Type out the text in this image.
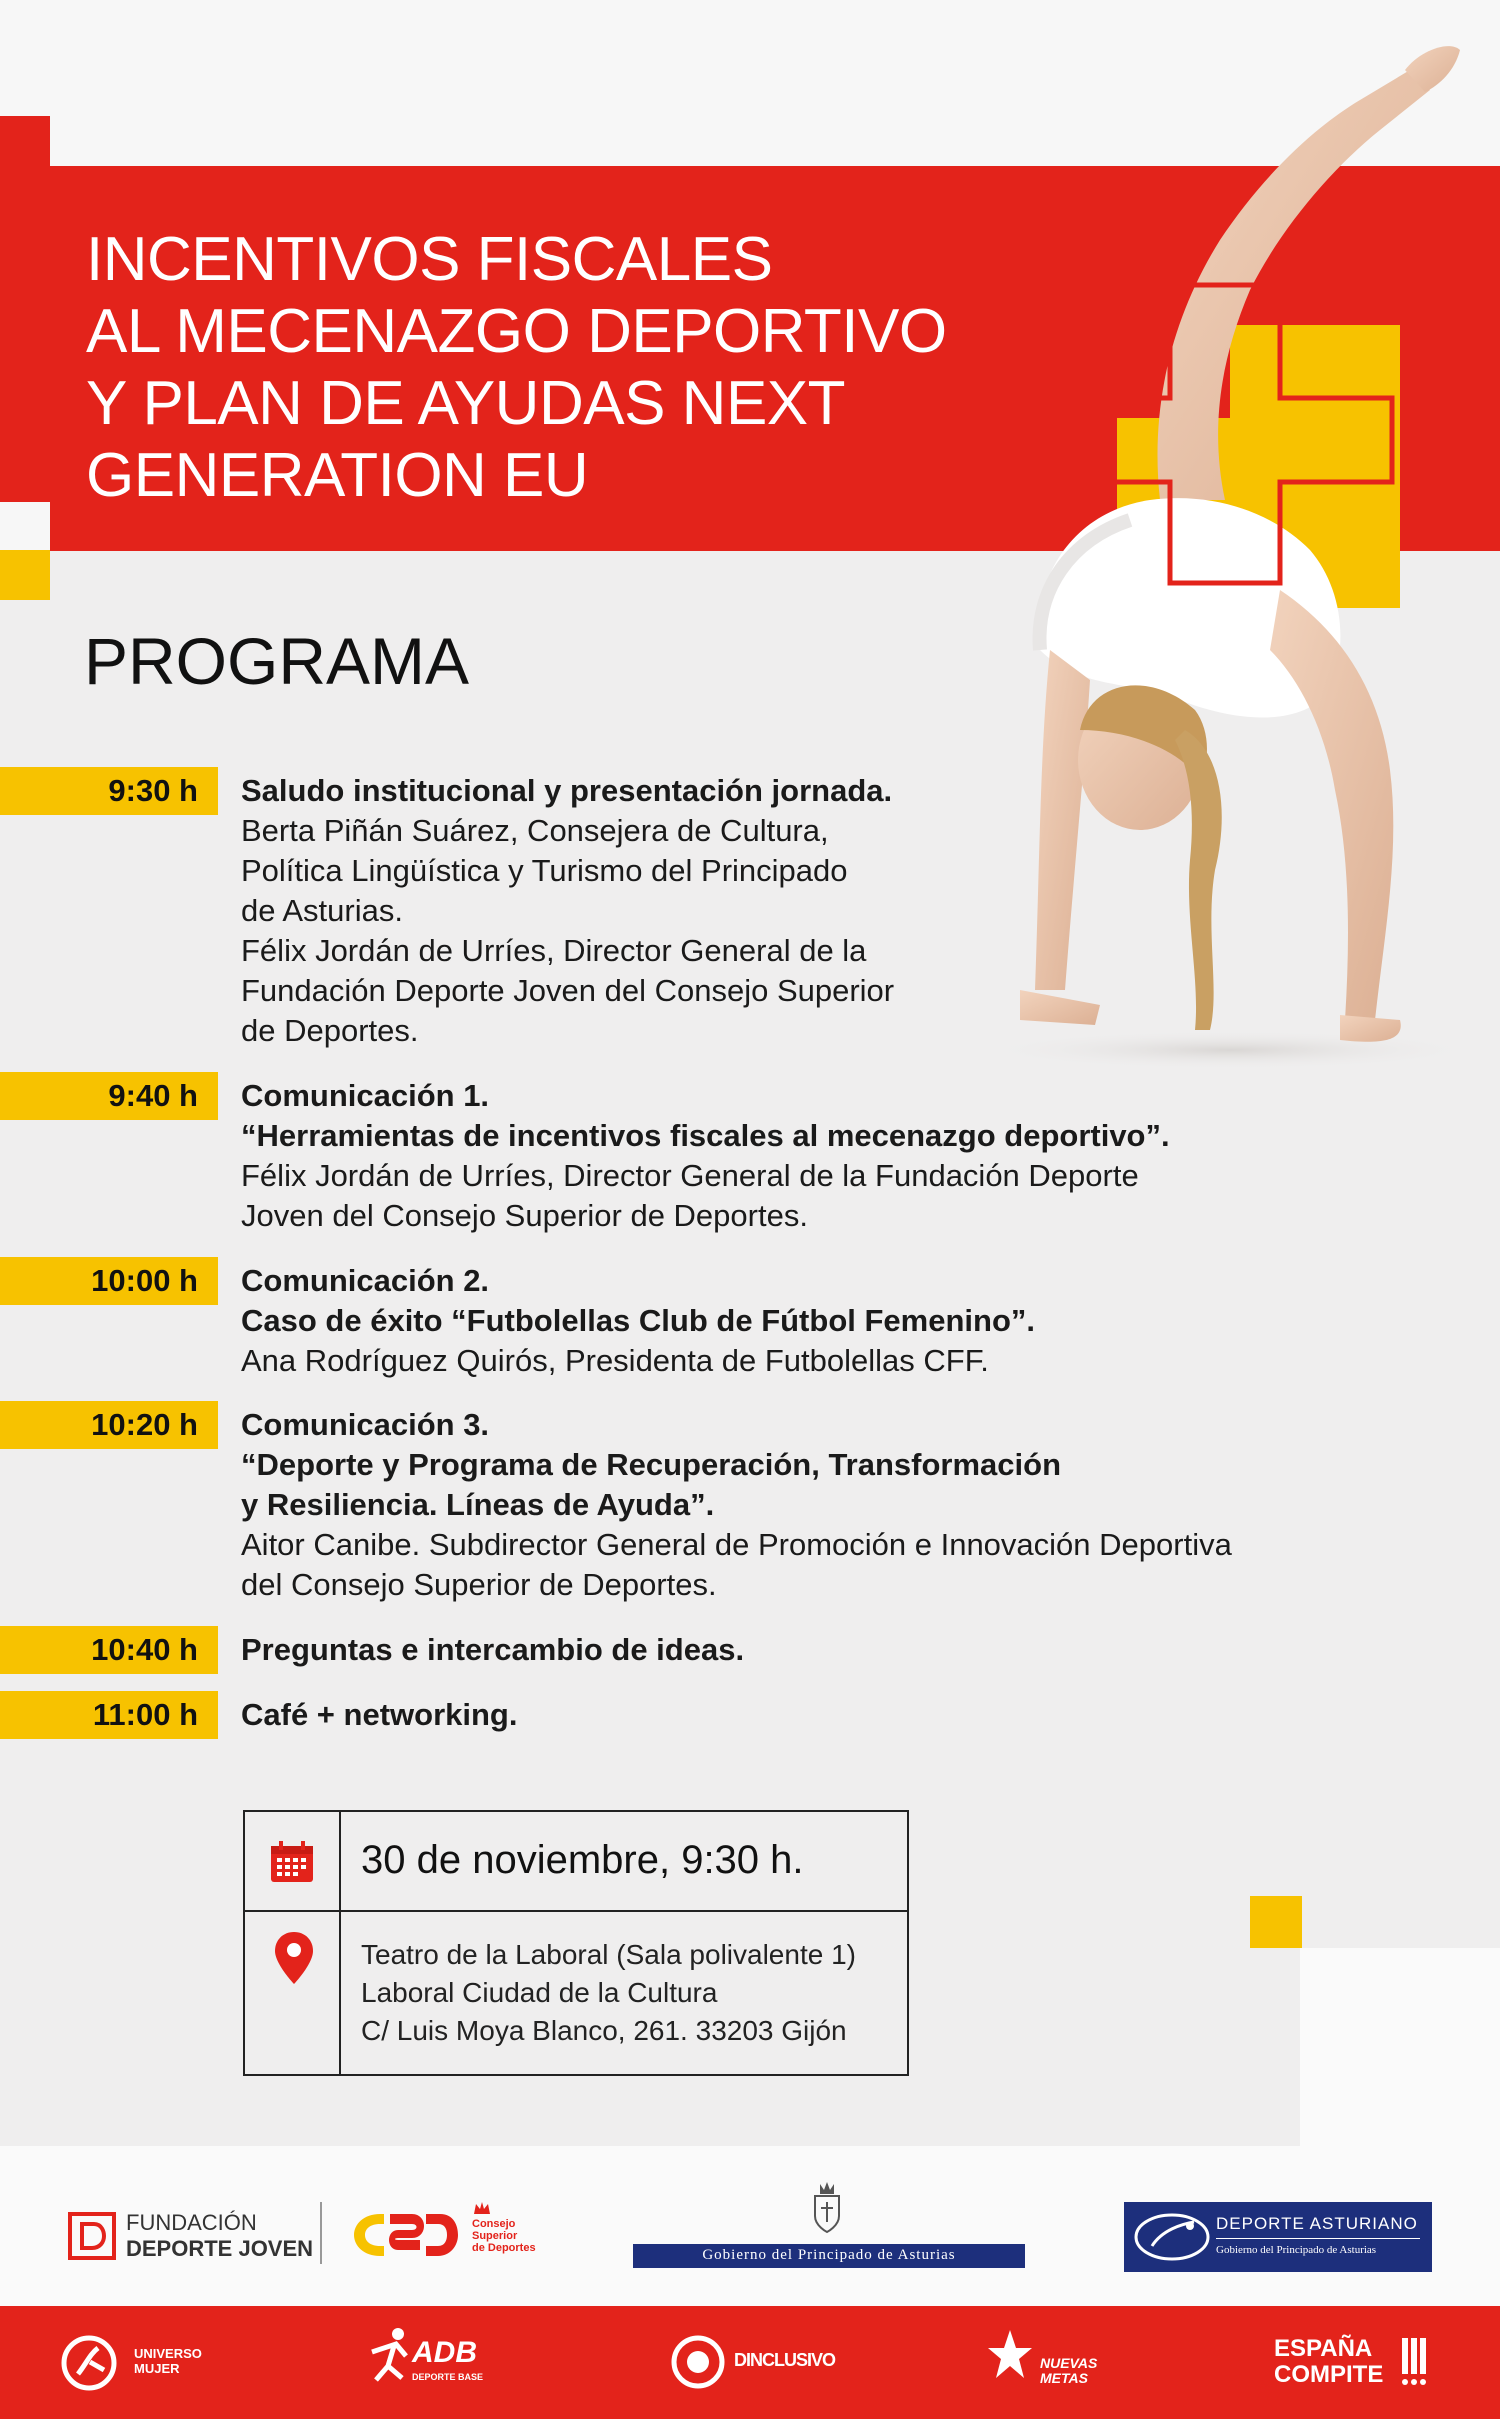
INCENTIVOS FISCALES
AL MECENAZGO DEPORTIVO
Y PLAN DE AYUDAS NEXT
GENERATION EU
PROGRAMA
9:30 h Saludo institucional y presentación jornada.
Berta Piñán Suárez, Consejera de Cultura,
Política Lingüística y Turismo del Principado
de Asturias.
Félix Jordán de Urríes, Director General de la
Fundación Deporte Joven del Consejo Superior
de Deportes.
9:40 h Comunicación 1.
“Herramientas de incentivos fiscales al mecenazgo deportivo”.
Félix Jordán de Urríes, Director General de la Fundación Deporte
Joven del Consejo Superior de Deportes.
10:00 h Comunicación 2.
Caso de éxito “Futbolellas Club de Fútbol Femenino”.
Ana Rodríguez Quirós, Presidenta de Futbolellas CFF.
10:20 h Comunicación 3.
“Deporte y Programa de Recuperación, Transformación
y Resiliencia. Líneas de Ayuda”.
Aitor Canibe. Subdirector General de Promoción e Innovación Deportiva
del Consejo Superior de Deportes.
10:40 h Preguntas e intercambio de ideas.
11:00 h Café + networking.
30 de noviembre, 9:30 h.
Teatro de la Laboral (Sala polivalente 1)
Laboral Ciudad de la Cultura
C/ Luis Moya Blanco, 261. 33203 Gijón
FUNDACIÓN
DEPORTE JOVEN
Consejo
Superior
de Deportes	Gobierno del Principado de Asturias
DEPORTE ASTURIANO
Gobierno del Principado de Asturias
UNIVERSO
MUJER	ADB
DEPORTE BASE
DINCLUSIVO	NUEVAS
METAS
ESPAÑA
COMPITE
